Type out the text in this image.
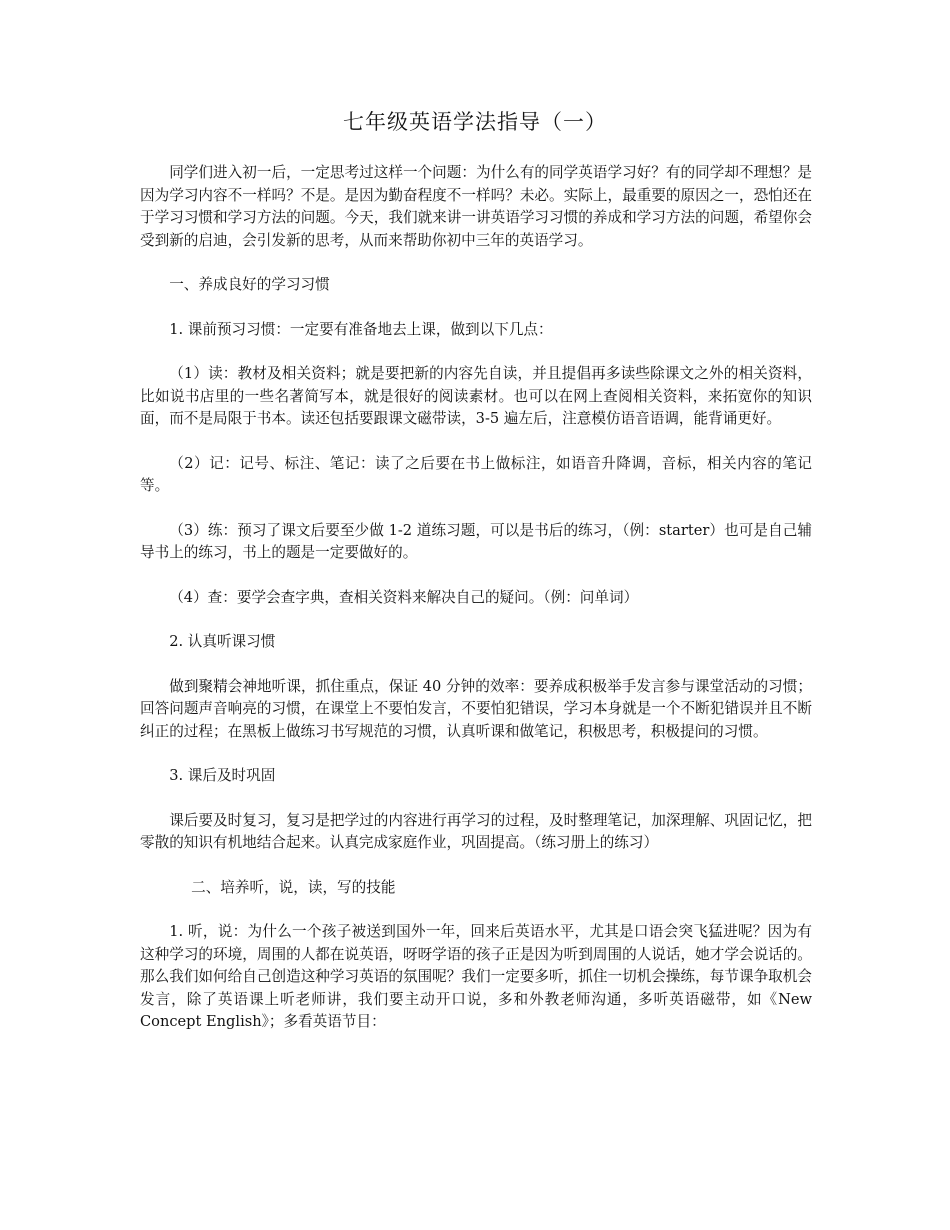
七年级英语学法指导（一）

同学们进入初一后，一定思考过这样一个问题：为什么有的同学英语学习好？有的同学却不理想？是因为学习内容不一样吗？不是。是因为勤奋程度不一样吗？未必。实际上，最重要的原因之一，恐怕还在于学习习惯和学习方法的问题。今天，我们就来讲一讲英语学习习惯的养成和学习方法的问题，希望你会受到新的启迪，会引发新的思考，从而来帮助你初中三年的英语学习。

一、养成良好的学习习惯

1. 课前预习习惯：一定要有准备地去上课，做到以下几点：

（1）读：教材及相关资料；就是要把新的内容先自读，并且提倡再多读些除课文之外的相关资料，比如说书店里的一些名著简写本，就是很好的阅读素材。也可以在网上查阅相关资料，来拓宽你的知识面，而不是局限于书本。读还包括要跟课文磁带读，3-5 遍左后，注意模仿语音语调，能背诵更好。

（2）记：记号、标注、笔记：读了之后要在书上做标注，如语音升降调，音标，相关内容的笔记等。

（3）练：预习了课文后要至少做 1-2 道练习题，可以是书后的练习，（例：starter）也可是自己辅导书上的练习，书上的题是一定要做好的。

（4）查：要学会查字典，查相关资料来解决自己的疑问。（例：问单词）

2. 认真听课习惯

做到聚精会神地听课，抓住重点，保证 40 分钟的效率：要养成积极举手发言参与课堂活动的习惯；回答问题声音响亮的习惯，在课堂上不要怕发言，不要怕犯错误，学习本身就是一个不断犯错误并且不断纠正的过程；在黑板上做练习书写规范的习惯，认真听课和做笔记，积极思考，积极提问的习惯。

3. 课后及时巩固

课后要及时复习，复习是把学过的内容进行再学习的过程，及时整理笔记，加深理解、巩固记忆，把零散的知识有机地结合起来。认真完成家庭作业，巩固提高。（练习册上的练习）

二、培养听，说，读，写的技能

1. 听，说：为什么一个孩子被送到国外一年，回来后英语水平，尤其是口语会突飞猛进呢？因为有这种学习的环境，周围的人都在说英语，呀呀学语的孩子正是因为听到周围的人说话，她才学会说话的。那么我们如何给自己创造这种学习英语的氛围呢？我们一定要多听，抓住一切机会操练，每节课争取机会发言，除了英语课上听老师讲，我们要主动开口说，多和外教老师沟通，多听英语磁带，如《New Concept English》；多看英语节目：
